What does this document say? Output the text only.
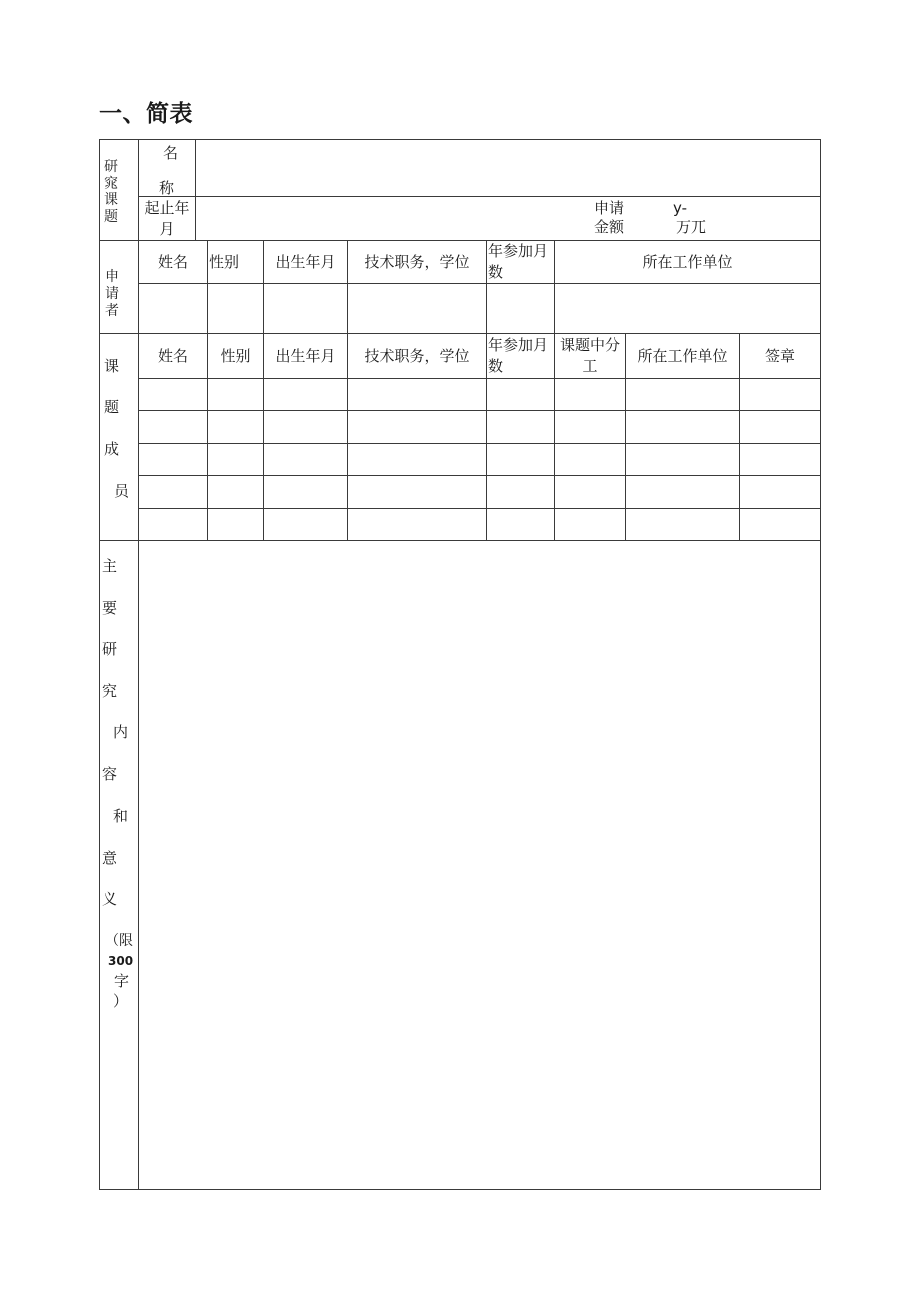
一、简表
研窕课题
名
称
起止年月
申请金额
y-
万兀
申请者
姓名 性别 出生年月 技术职务，学位
年参加月数
所在工作单位
课
题
成
员
姓名 性别 出生年月 技术职务，学位
年参加月数
课题中分工
所在工作单位 签章
主
要
研
究
内
容
和
意
义
（限
300
字
）
